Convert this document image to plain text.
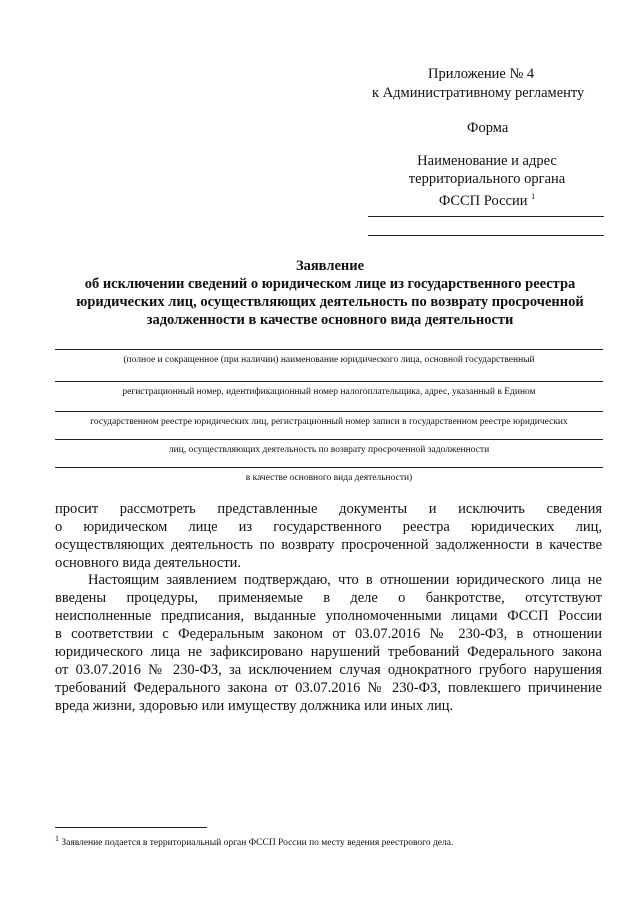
Приложение № 4
к Административному регламенту
Форма
Наименование и адрес
территориального органа
ФССП России $^1$
Заявление
об исключении сведений о юридическом лице из государственного реестра
юридических лиц, осуществляющих деятельность по возврату просроченной
задолженности в качестве основного вида деятельности
(полное и сокращенное (при наличии) наименование юридического лица, основной государственный
регистрационный номер, идентификационный номер налогоплательщика, адрес, указанный в Едином
государственном реестре юридических лиц, регистрационный номер записи в государственном реестре юридических
лиц, осуществляющих деятельность по возврату просроченной задолженности
в качестве основного вида деятельности)
просит рассмотреть представленные документы и исключить сведения
о юридическом лице из государственного реестра юридических лиц,
осуществляющих деятельность по возврату просроченной задолженности в качестве
основного вида деятельности.
Настоящим заявлением подтверждаю, что в отношении юридического лица не
введены процедуры, применяемые в деле о банкротстве, отсутствуют
неисполненные предписания, выданные уполномоченными лицами ФССП России
в соответствии с Федеральным законом от 03.07.2016 № 230-ФЗ, в отношении
юридического лица не зафиксировано нарушений требований Федерального закона
от 03.07.2016 № 230-ФЗ, за исключением случая однократного грубого нарушения
требований Федерального закона от 03.07.2016 № 230-ФЗ, повлекшего причинение
вреда жизни, здоровью или имуществу должника или иных лиц.
$^1$ Заявление подается в территориальный орган ФССП России по месту ведения реестрового дела.
